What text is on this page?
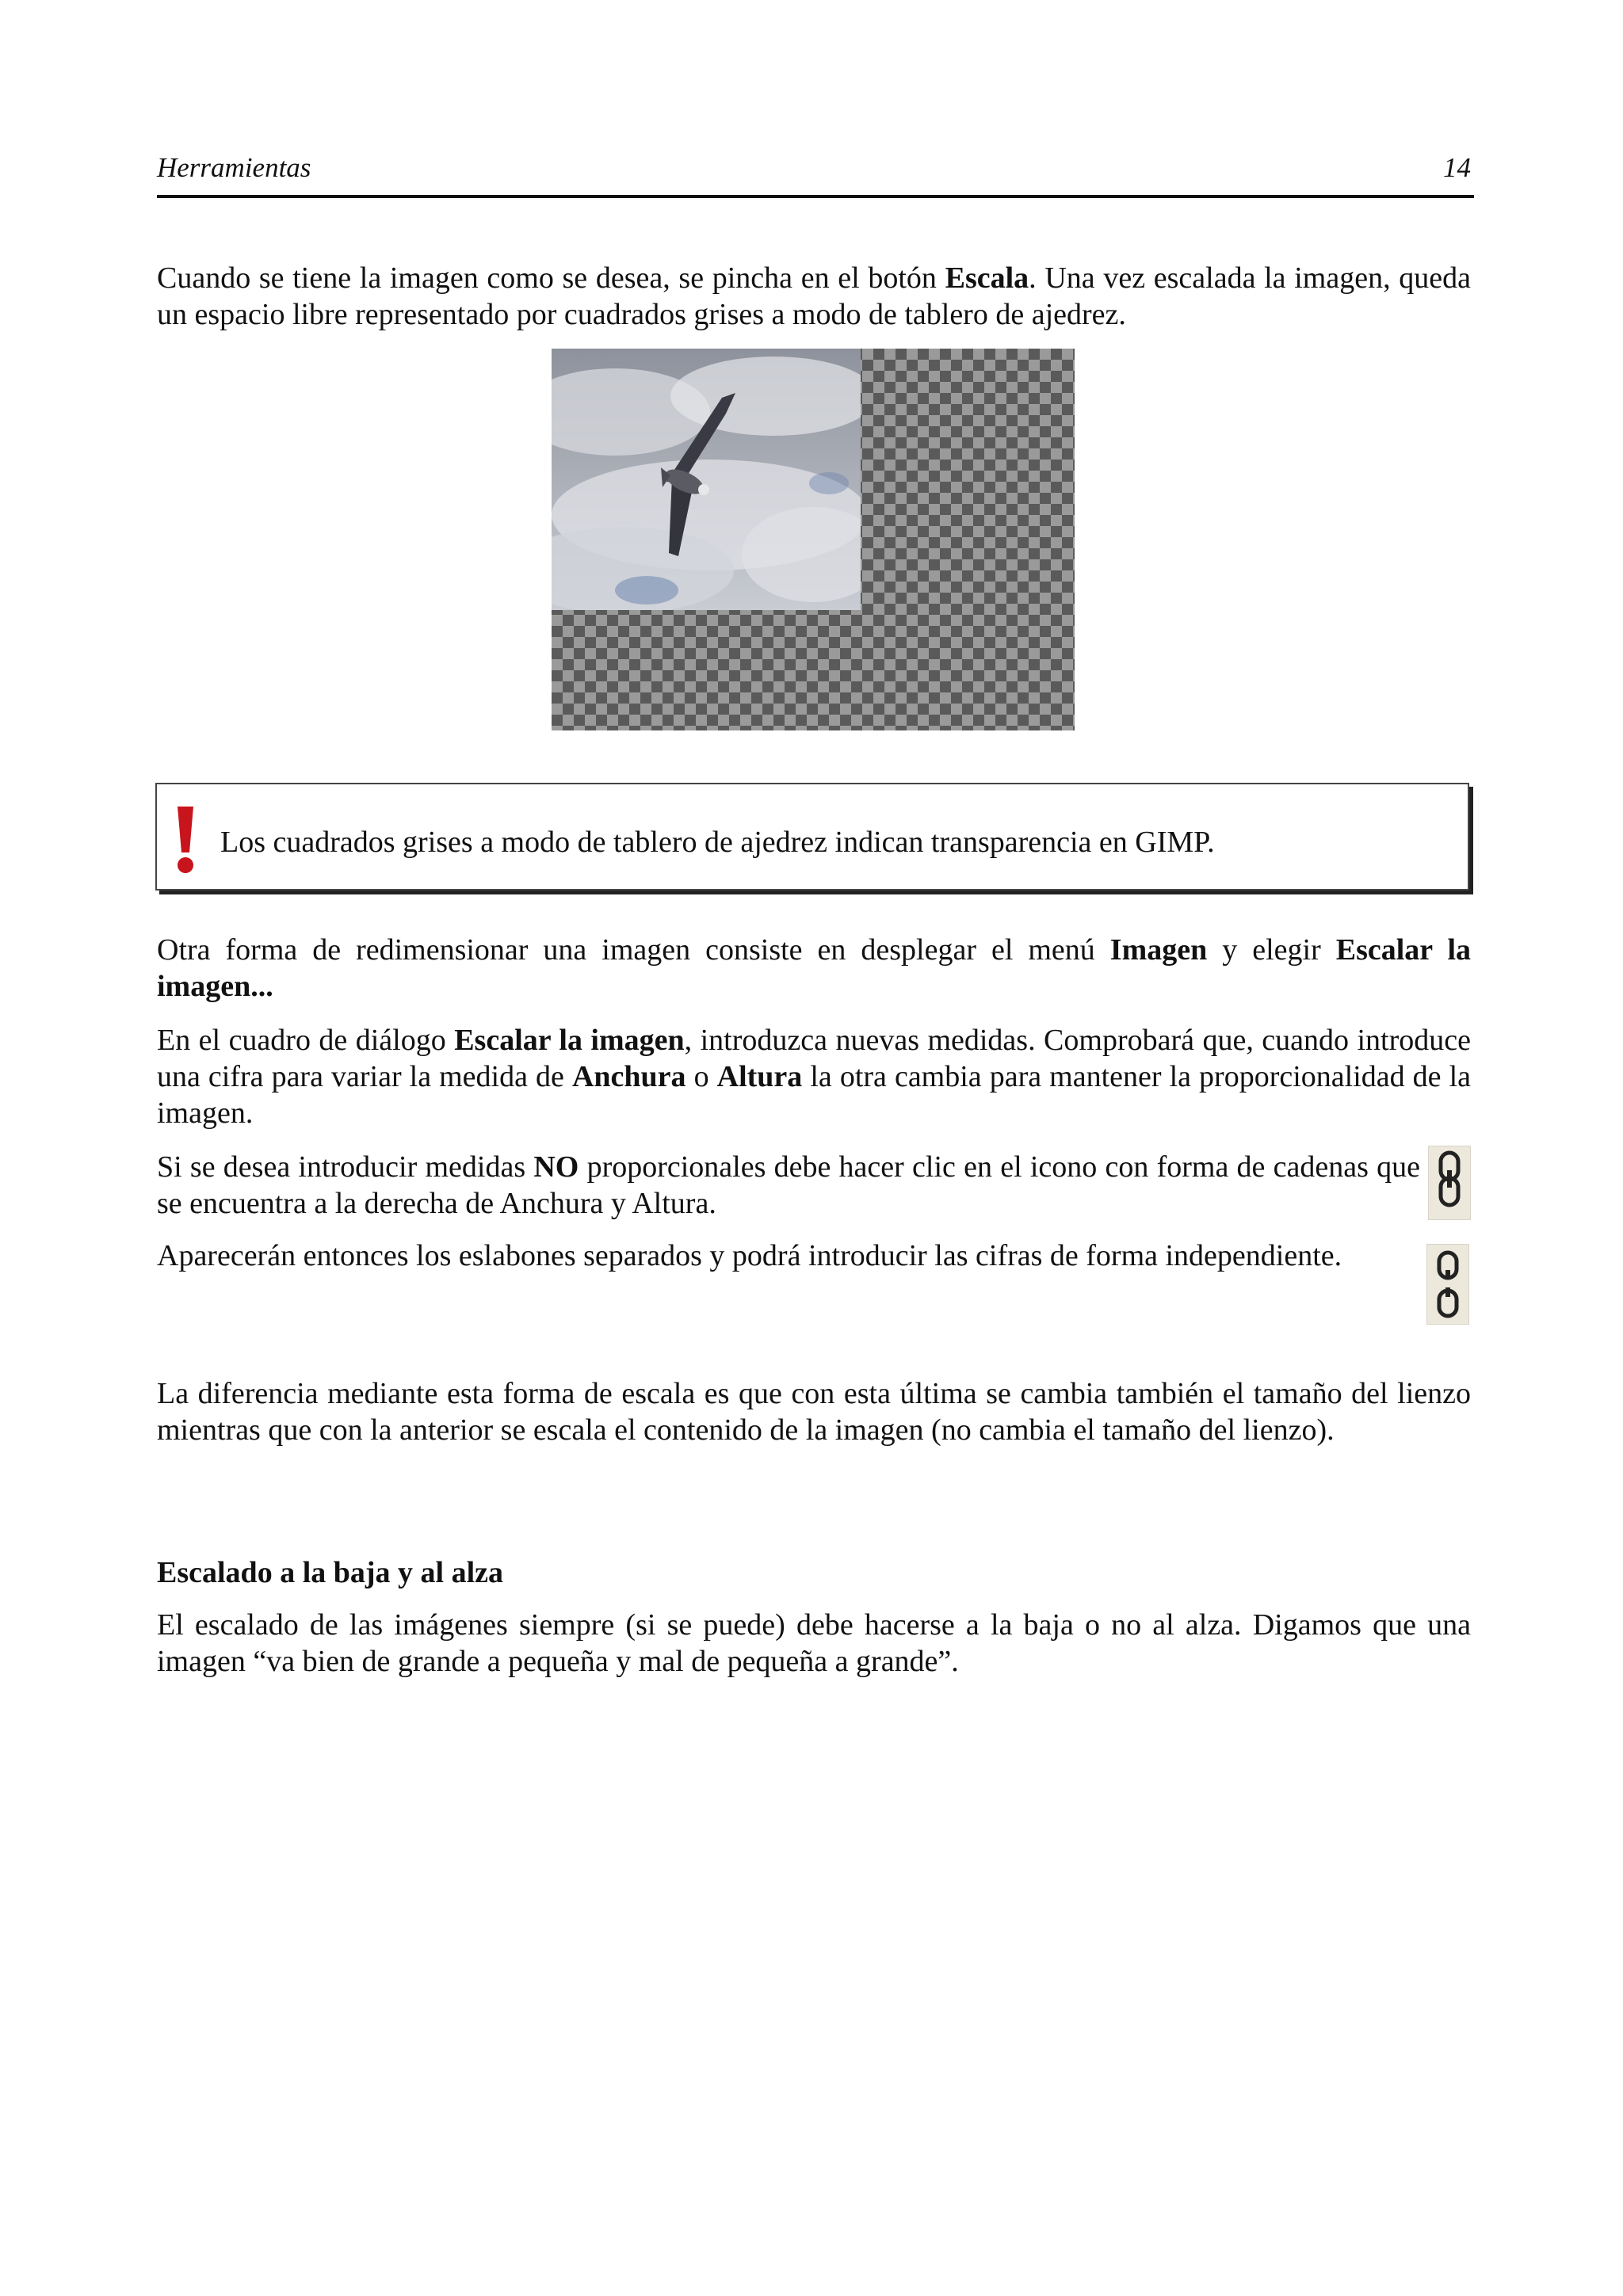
Herramientas	14

Cuando se tiene la imagen como se desea, se pincha en el botón Escala. Una vez escalada la imagen, queda un espacio libre representado por cuadrados grises a modo de tablero de ajedrez.

Los cuadrados grises a modo de tablero de ajedrez indican transparencia en GIMP.

Otra forma de redimensionar una imagen consiste en desplegar el menú Imagen y elegir Escalar la imagen...

En el cuadro de diálogo Escalar la imagen, introduzca nuevas medidas. Comprobará que, cuando introduce una cifra para variar la medida de Anchura o Altura la otra cambia para mantener la proporcionalidad de la imagen.

Si se desea introducir medidas NO proporcionales debe hacer clic en el icono con forma de cadenas que se encuentra a la derecha de Anchura y Altura.

Aparecerán entonces los eslabones separados y podrá introducir las cifras de forma independiente.

La diferencia mediante esta forma de escala es que con esta última se cambia también el tamaño del lienzo mientras que con la anterior se escala el contenido de la imagen (no cambia el tamaño del lienzo).

Escalado a la baja y al alza

El escalado de las imágenes siempre (si se puede) debe hacerse a la baja o no al alza. Digamos que una imagen “va bien de grande a pequeña y mal de pequeña a grande”.
